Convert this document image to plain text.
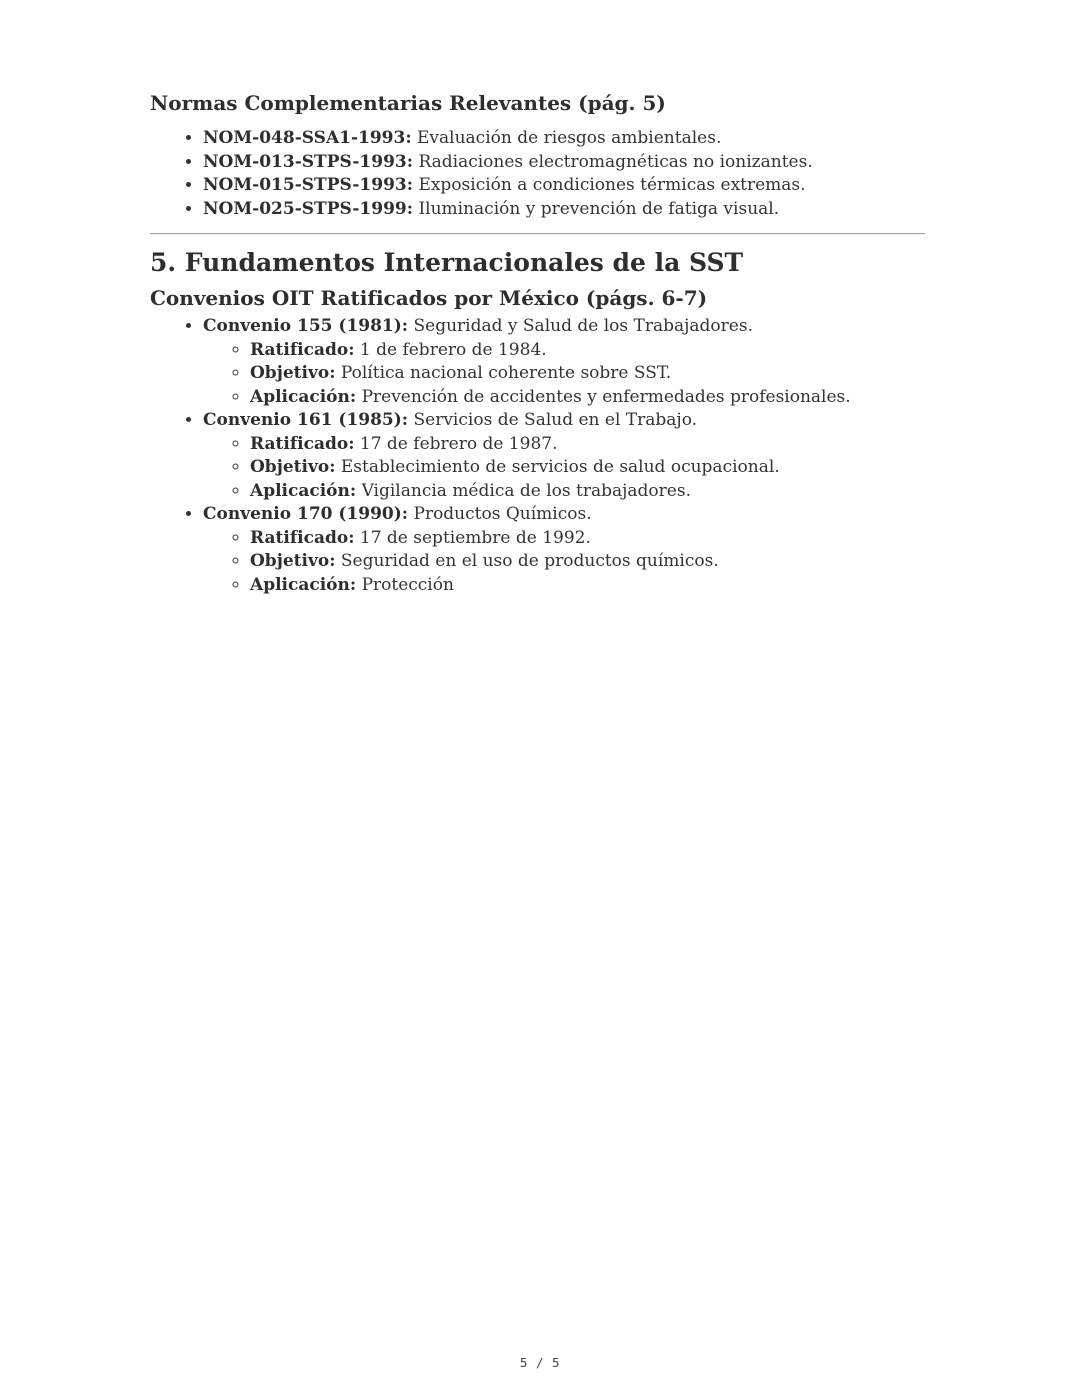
Normas Complementarias Relevantes (pág. 5)
• NOM-048-SSA1-1993: Evaluación de riesgos ambientales.
• NOM-013-STPS-1993: Radiaciones electromagnéticas no ionizantes.
• NOM-015-STPS-1993: Exposición a condiciones térmicas extremas.
• NOM-025-STPS-1999: Iluminación y prevención de fatiga visual.
5. Fundamentos Internacionales de la SST
Convenios OIT Ratificados por México (págs. 6-7)
• Convenio 155 (1981): Seguridad y Salud de los Trabajadores.
◦ Ratificado: 1 de febrero de 1984.
◦ Objetivo: Política nacional coherente sobre SST.
◦ Aplicación: Prevención de accidentes y enfermedades profesionales.
• Convenio 161 (1985): Servicios de Salud en el Trabajo.
◦ Ratificado: 17 de febrero de 1987.
◦ Objetivo: Establecimiento de servicios de salud ocupacional.
◦ Aplicación: Vigilancia médica de los trabajadores.
• Convenio 170 (1990): Productos Químicos.
◦ Ratificado: 17 de septiembre de 1992.
◦ Objetivo: Seguridad en el uso de productos químicos.
◦ Aplicación: Protección
5 / 5
